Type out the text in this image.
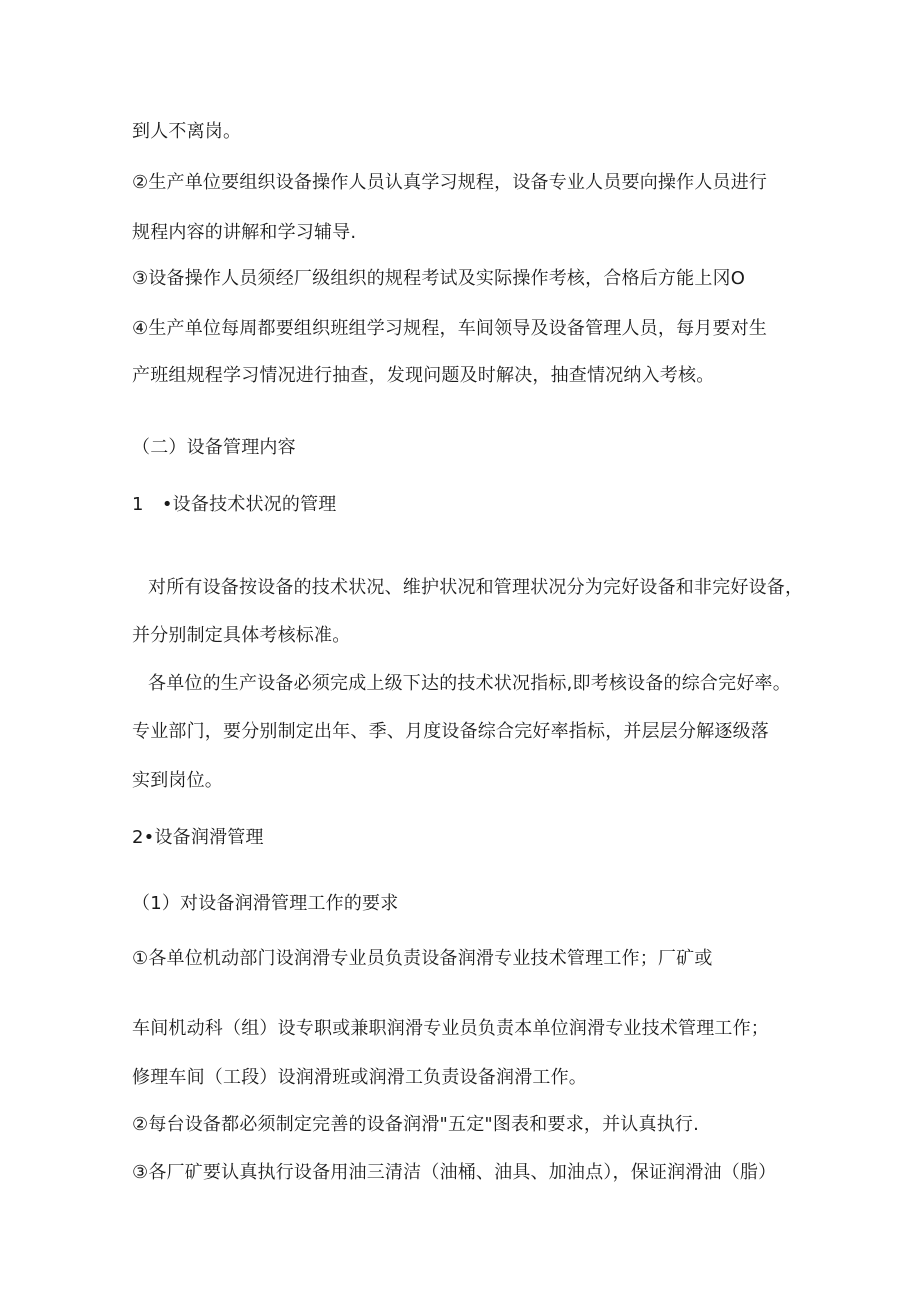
到人不离岗。

②生产单位要组织设备操作人员认真学习规程，设备专业人员要向操作人员进行

规程内容的讲解和学习辅导.

③设备操作人员须经厂级组织的规程考试及实际操作考核，合格后方能上冈O

④生产单位每周都要组织班组学习规程，车间领导及设备管理人员，每月要对生

产班组规程学习情况进行抽查，发现问题及时解决，抽查情况纳入考核。

（二）设备管理内容

1　•设备技术状况的管理

对所有设备按设备的技术状况、维护状况和管理状况分为完好设备和非完好设备，

并分别制定具体考核标准。

各单位的生产设备必须完成上级下达的技术状况指标,即考核设备的综合完好率。

专业部门，要分别制定出年、季、月度设备综合完好率指标，并层层分解逐级落

实到岗位。

2•设备润滑管理

（1）对设备润滑管理工作的要求

①各单位机动部门设润滑专业员负责设备润滑专业技术管理工作；厂矿或

车间机动科（组）设专职或兼职润滑专业员负责本单位润滑专业技术管理工作；

修理车间（工段）设润滑班或润滑工负责设备润滑工作。

②每台设备都必须制定完善的设备润滑"五定"图表和要求，并认真执行.

③各厂矿要认真执行设备用油三清洁（油桶、油具、加油点），保证润滑油（脂）
